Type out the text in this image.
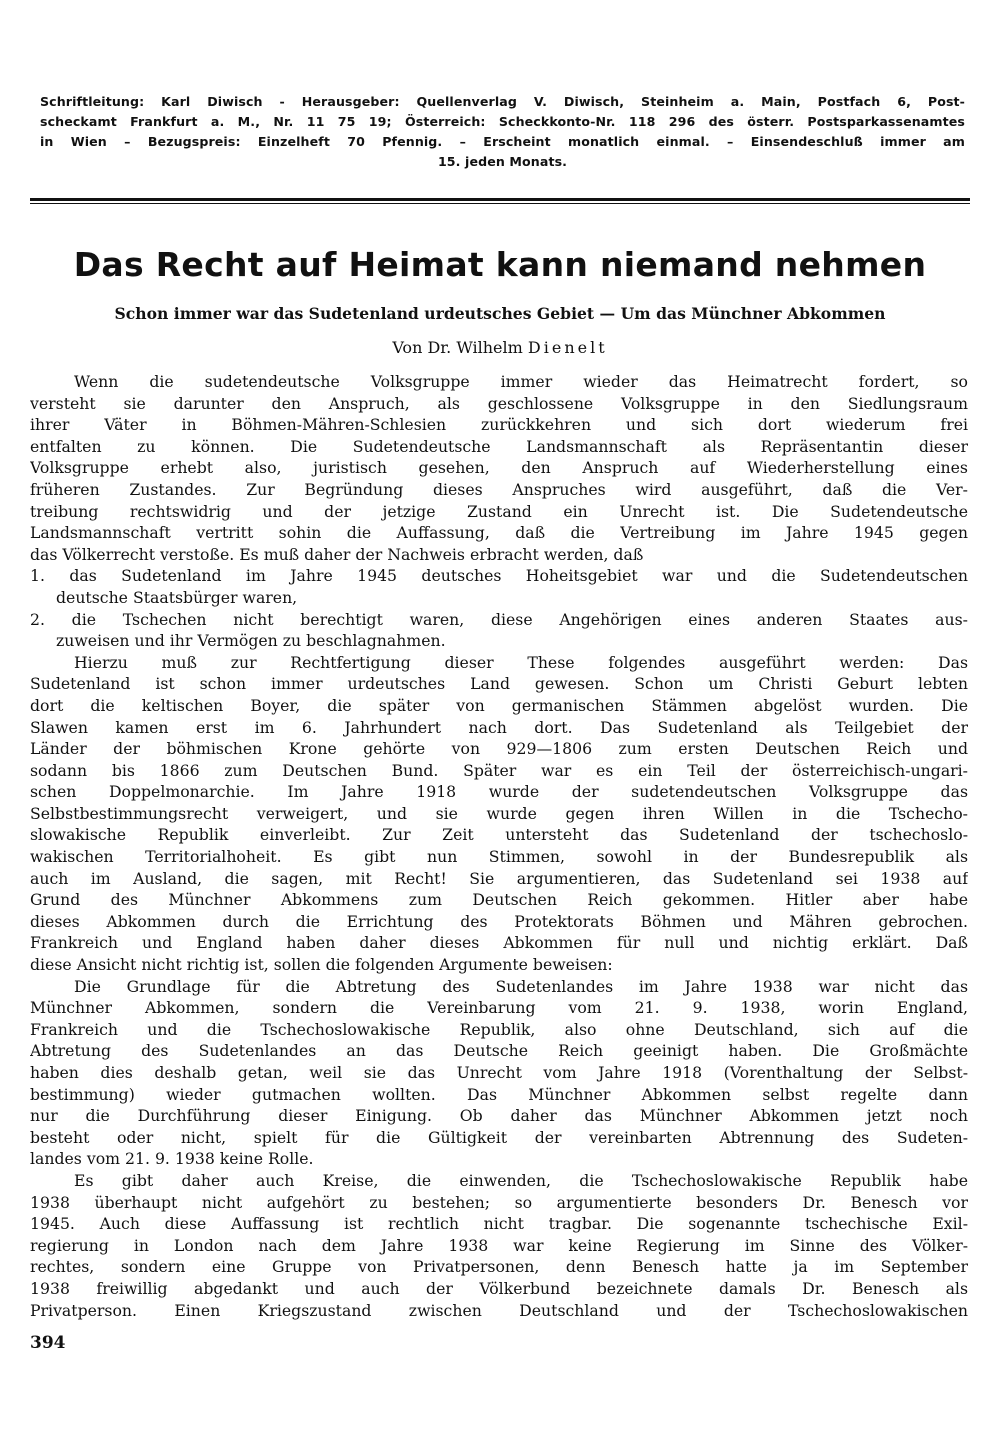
Schriftleitung: Karl Diwisch - Herausgeber: Quellenverlag V. Diwisch, Steinheim a. Main, Postfach 6, Post-
scheckamt Frankfurt a. M., Nr. 11 75 19; Österreich: Scheckkonto-Nr. 118 296 des österr. Postsparkassenamtes
in Wien – Bezugspreis: Einzelheft 70 Pfennig. – Erscheint monatlich einmal. – Einsendeschluß immer am
15. jeden Monats.
Das Recht auf Heimat kann niemand nehmen
Schon immer war das Sudetenland urdeutsches Gebiet — Um das Münchner Abkommen
Von Dr. Wilhelm Dienelt
Wenn die sudetendeutsche Volksgruppe immer wieder das Heimatrecht fordert, so
versteht sie darunter den Anspruch, als geschlossene Volksgruppe in den Siedlungsraum
ihrer Väter in Böhmen-Mähren-Schlesien zurückkehren und sich dort wiederum frei
entfalten zu können. Die Sudetendeutsche Landsmannschaft als Repräsentantin dieser
Volksgruppe erhebt also, juristisch gesehen, den Anspruch auf Wiederherstellung eines
früheren Zustandes. Zur Begründung dieses Anspruches wird ausgeführt, daß die Ver-
treibung rechtswidrig und der jetzige Zustand ein Unrecht ist. Die Sudetendeutsche
Landsmannschaft vertritt sohin die Auffassung, daß die Vertreibung im Jahre 1945 gegen
das Völkerrecht verstoße. Es muß daher der Nachweis erbracht werden, daß
1. das Sudetenland im Jahre 1945 deutsches Hoheitsgebiet war und die Sudetendeutschen
deutsche Staatsbürger waren,
2. die Tschechen nicht berechtigt waren, diese Angehörigen eines anderen Staates aus-
zuweisen und ihr Vermögen zu beschlagnahmen.
Hierzu muß zur Rechtfertigung dieser These folgendes ausgeführt werden: Das
Sudetenland ist schon immer urdeutsches Land gewesen. Schon um Christi Geburt lebten
dort die keltischen Boyer, die später von germanischen Stämmen abgelöst wurden. Die
Slawen kamen erst im 6. Jahrhundert nach dort. Das Sudetenland als Teilgebiet der
Länder der böhmischen Krone gehörte von 929—1806 zum ersten Deutschen Reich und
sodann bis 1866 zum Deutschen Bund. Später war es ein Teil der österreichisch-ungari-
schen Doppelmonarchie. Im Jahre 1918 wurde der sudetendeutschen Volksgruppe das
Selbstbestimmungsrecht verweigert, und sie wurde gegen ihren Willen in die Tschecho-
slowakische Republik einverleibt. Zur Zeit untersteht das Sudetenland der tschechoslo-
wakischen Territorialhoheit. Es gibt nun Stimmen, sowohl in der Bundesrepublik als
auch im Ausland, die sagen, mit Recht! Sie argumentieren, das Sudetenland sei 1938 auf
Grund des Münchner Abkommens zum Deutschen Reich gekommen. Hitler aber habe
dieses Abkommen durch die Errichtung des Protektorats Böhmen und Mähren gebrochen.
Frankreich und England haben daher dieses Abkommen für null und nichtig erklärt. Daß
diese Ansicht nicht richtig ist, sollen die folgenden Argumente beweisen:
Die Grundlage für die Abtretung des Sudetenlandes im Jahre 1938 war nicht das
Münchner Abkommen, sondern die Vereinbarung vom 21. 9. 1938, worin England,
Frankreich und die Tschechoslowakische Republik, also ohne Deutschland, sich auf die
Abtretung des Sudetenlandes an das Deutsche Reich geeinigt haben. Die Großmächte
haben dies deshalb getan, weil sie das Unrecht vom Jahre 1918 (Vorenthaltung der Selbst-
bestimmung) wieder gutmachen wollten. Das Münchner Abkommen selbst regelte dann
nur die Durchführung dieser Einigung. Ob daher das Münchner Abkommen jetzt noch
besteht oder nicht, spielt für die Gültigkeit der vereinbarten Abtrennung des Sudeten-
landes vom 21. 9. 1938 keine Rolle.
Es gibt daher auch Kreise, die einwenden, die Tschechoslowakische Republik habe
1938 überhaupt nicht aufgehört zu bestehen; so argumentierte besonders Dr. Benesch vor
1945. Auch diese Auffassung ist rechtlich nicht tragbar. Die sogenannte tschechische Exil-
regierung in London nach dem Jahre 1938 war keine Regierung im Sinne des Völker-
rechtes, sondern eine Gruppe von Privatpersonen, denn Benesch hatte ja im September
1938 freiwillig abgedankt und auch der Völkerbund bezeichnete damals Dr. Benesch als
Privatperson. Einen Kriegszustand zwischen Deutschland und der Tschechoslowakischen
394
